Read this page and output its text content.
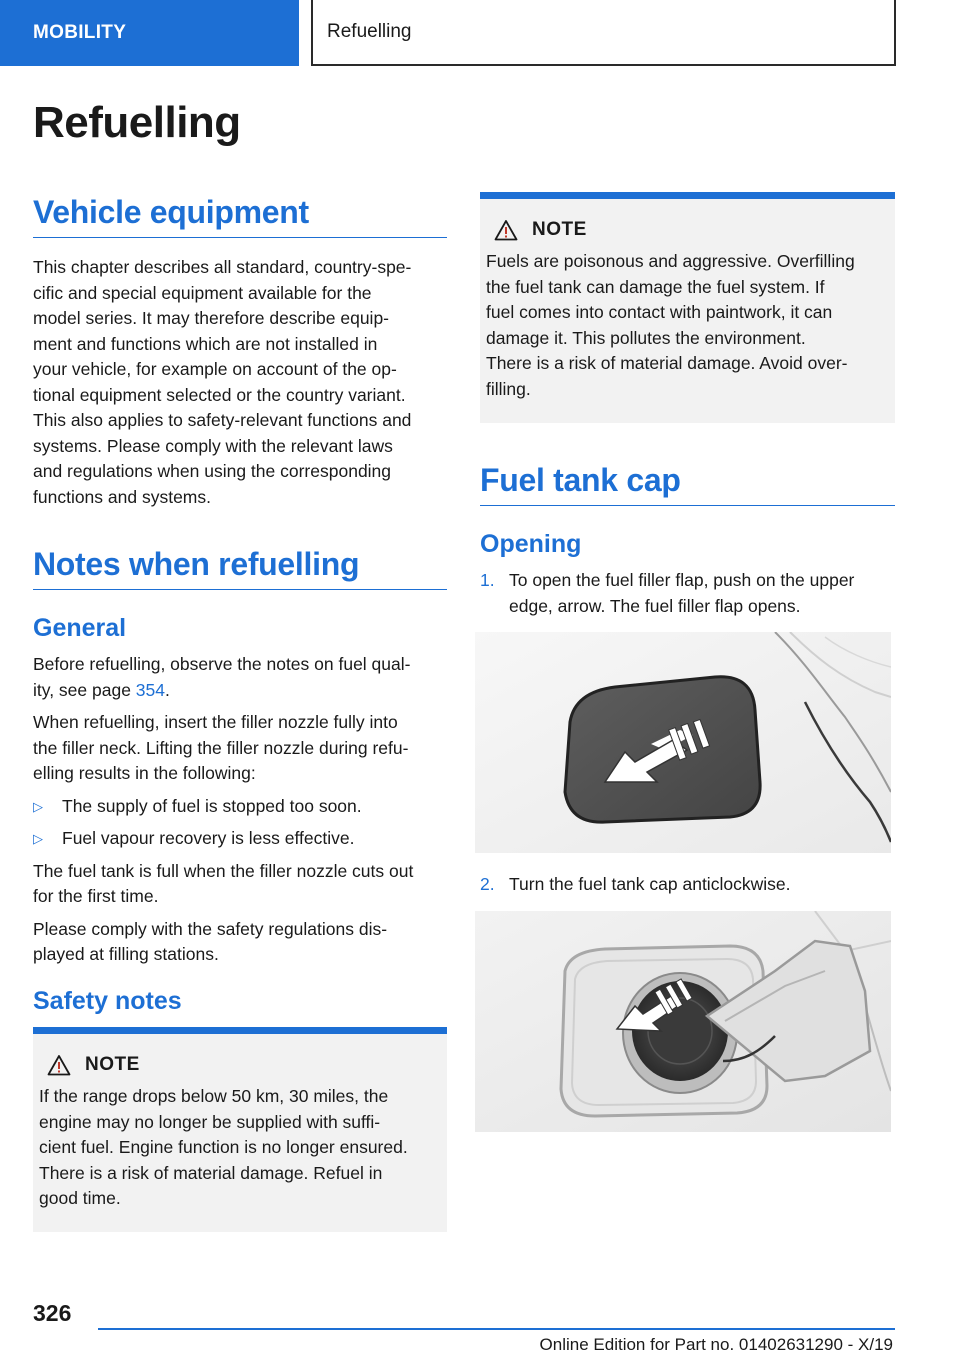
MOBILITY	Refuelling
Refuelling
Vehicle equipment

This chapter describes all standard, country-spe-

cific and special equipment available for the

model series. It may therefore describe equip-

ment and functions which are not installed in

your vehicle, for example on account of the op-

tional equipment selected or the country variant.

This also applies to safety-relevant functions and

systems. Please comply with the relevant laws

and regulations when using the corresponding

functions and systems.

Notes when refuelling
General

Before refuelling, observe the notes on fuel qual-

ity, see page 354.

When refuelling, insert the filler nozzle fully into

the filler neck. Lifting the filler nozzle during refu-

elling results in the following:

▷	The supply of fuel is stopped too soon.
▷	Fuel vapour recovery is less effective.

The fuel tank is full when the filler nozzle cuts out

for the first time.

Please comply with the safety regulations dis-

played at filling stations.

Safety notes
NOTE

If the range drops below 50 km, 30 miles, the

engine may no longer be supplied with suffi-

cient fuel. Engine function is no longer ensured.

There is a risk of material damage. Refuel in

good time.

NOTE

Fuels are poisonous and aggressive. Overfilling

the fuel tank can damage the fuel system. If

fuel comes into contact with paintwork, it can

damage it. This pollutes the environment.

There is a risk of material damage. Avoid over-

filling.

Fuel tank cap
Opening
1. To open the fuel filler flap, push on the upper
edge, arrow. The fuel filler flap opens.
2. Turn the fuel tank cap anticlockwise.
326
Online Edition for Part no. 01402631290 - X/19
